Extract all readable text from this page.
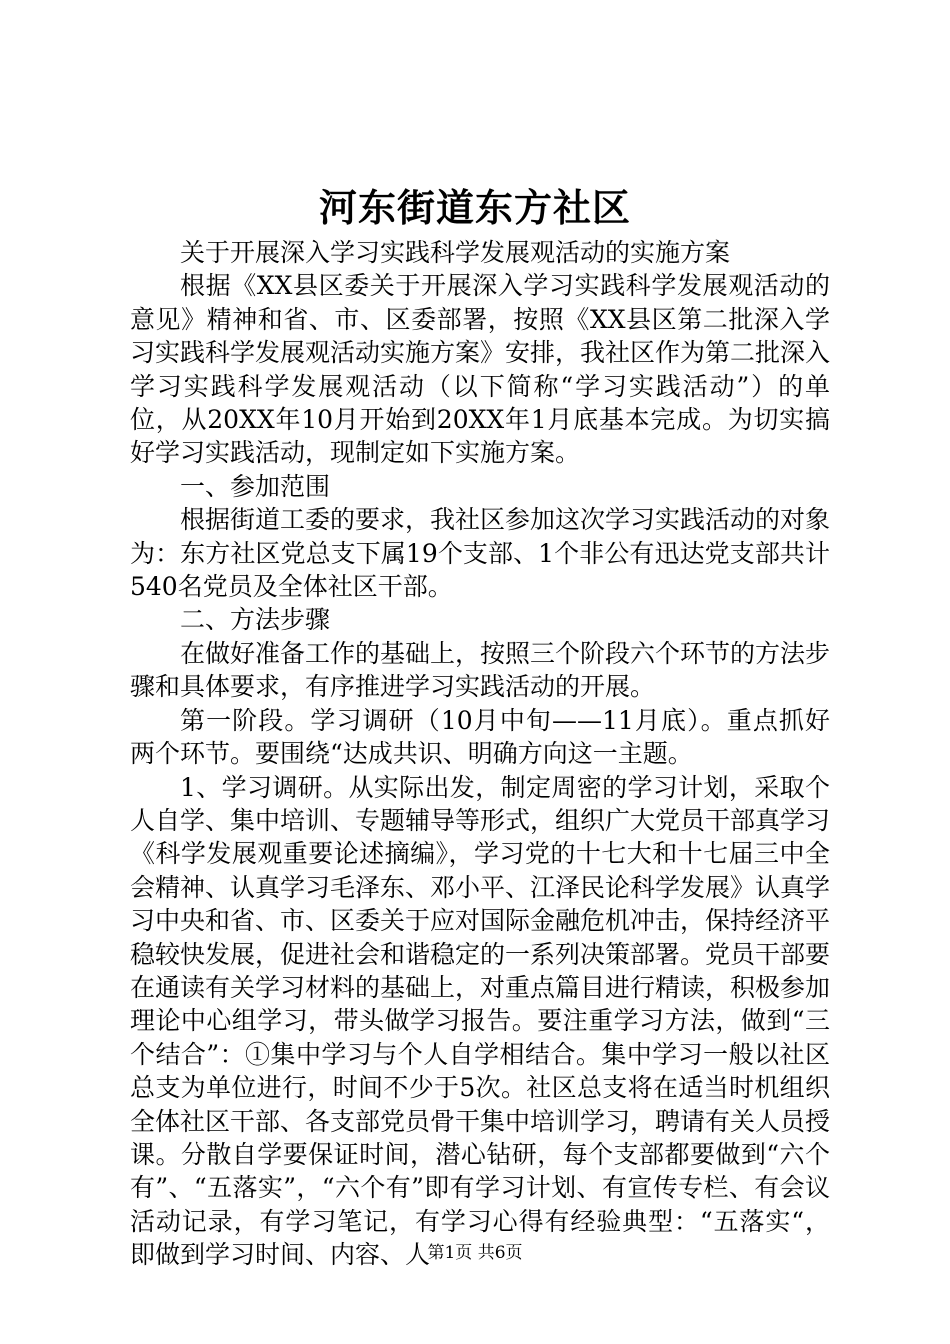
河东街道东方社区

关于开展深入学习实践科学发展观活动的实施方案

根据《XX县区委关于开展深入学习实践科学发展观活动的意见》精神和省、市、区委部署，按照《XX县区第二批深入学习实践科学发展观活动实施方案》安排，我社区作为第二批深入学习实践科学发展观活动（以下简称“学习实践活动”）的单位，从20XX年10月开始到20XX年1月底基本完成。为切实搞好学习实践活动，现制定如下实施方案。

一、参加范围

根据街道工委的要求，我社区参加这次学习实践活动的对象为：东方社区党总支下属19个支部、1个非公有迅达党支部共计540名党员及全体社区干部。

二、方法步骤

在做好准备工作的基础上，按照三个阶段六个环节的方法步骤和具体要求，有序推进学习实践活动的开展。

第一阶段。学习调研（10月中旬——11月底）。重点抓好两个环节。要围绕“达成共识、明确方向这一主题。

1、学习调研。从实际出发，制定周密的学习计划，采取个人自学、集中培训、专题辅导等形式，组织广大党员干部真学习《科学发展观重要论述摘编》，学习党的十七大和十七届三中全会精神、认真学习毛泽东、邓小平、江泽民论科学发展》认真学习中央和省、市、区委关于应对国际金融危机冲击，保持经济平稳较快发展，促进社会和谐稳定的一系列决策部署。党员干部要在通读有关学习材料的基础上，对重点篇目进行精读，积极参加理论中心组学习，带头做学习报告。要注重学习方法，做到“三个结合”：①集中学习与个人自学相结合。集中学习一般以社区总支为单位进行，时间不少于5次。社区总支将在适当时机组织全体社区干部、各支部党员骨干集中培训学习，聘请有关人员授课。分散自学要保证时间，潜心钻研，每个支部都要做到“六个有”、“五落实”，“六个有”即有学习计划、有宣传专栏、有会议活动记录，有学习笔记，有学习心得有经验典型：“五落实“，即做到学习时间、内容、人

第1页 共6页
